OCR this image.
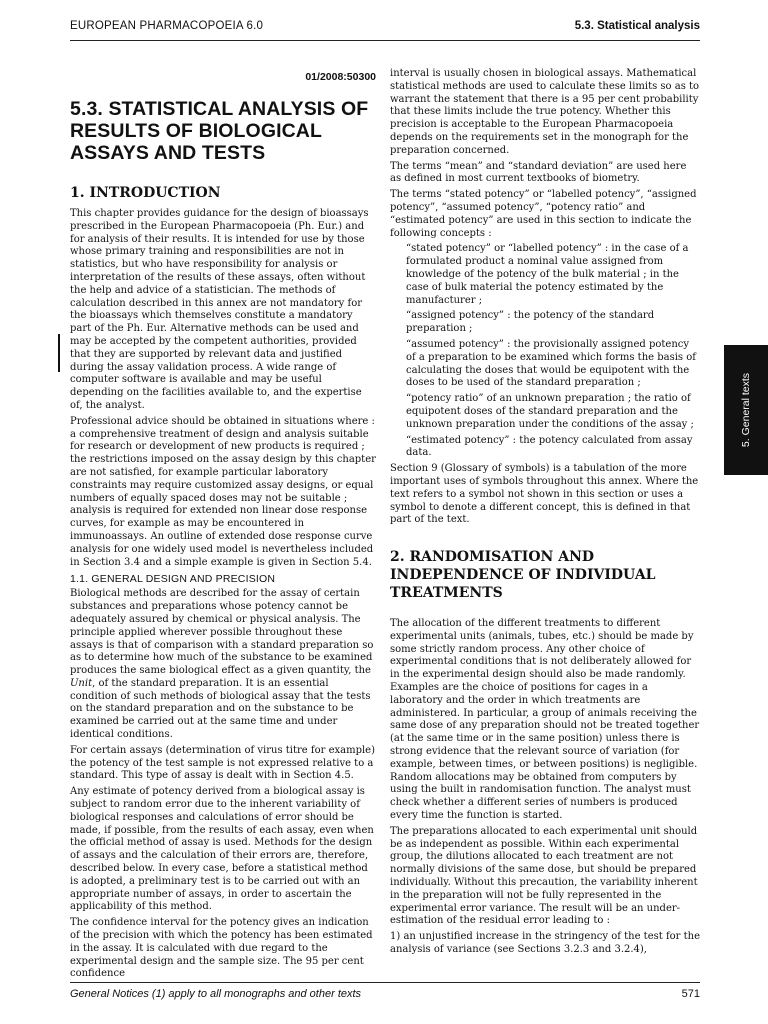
EUROPEAN PHARMACOPOEIA 6.0	5.3. Statistical analysis
01/2008:50300
5.3. STATISTICAL ANALYSIS OF RESULTS OF BIOLOGICAL ASSAYS AND TESTS
1. INTRODUCTION

This chapter provides guidance for the design of bioassays prescribed in the European Pharmacopoeia (Ph. Eur.) and for analysis of their results. It is intended for use by those whose primary training and responsibilities are not in statistics, but who have responsibility for analysis or interpretation of the results of these assays, often without the help and advice of a statistician. The methods of calculation described in this annex are not mandatory for the bioassays which themselves constitute a mandatory part of the Ph. Eur. Alternative methods can be used and may be accepted by the competent authorities, provided that they are supported by relevant data and justified during the assay validation process. A wide range of computer software is available and may be useful depending on the facilities available to, and the expertise of, the analyst.

Professional advice should be obtained in situations where : a comprehensive treatment of design and analysis suitable for research or development of new products is required ; the restrictions imposed on the assay design by this chapter are not satisfied, for example particular laboratory constraints may require customized assay designs, or equal numbers of equally spaced doses may not be suitable ; analysis is required for extended non linear dose response curves, for example as may be encountered in immunoassays. An outline of extended dose response curve analysis for one widely used model is nevertheless included in Section 3.4 and a simple example is given in Section 5.4.

1.1. GENERAL DESIGN AND PRECISION

Biological methods are described for the assay of certain substances and preparations whose potency cannot be adequately assured by chemical or physical analysis. The principle applied wherever possible throughout these assays is that of comparison with a standard preparation so as to determine how much of the substance to be examined produces the same biological effect as a given quantity, the Unit, of the standard preparation. It is an essential condition of such methods of biological assay that the tests on the standard preparation and on the substance to be examined be carried out at the same time and under identical conditions.

For certain assays (determination of virus titre for example) the potency of the test sample is not expressed relative to a standard. This type of assay is dealt with in Section 4.5.

Any estimate of potency derived from a biological assay is subject to random error due to the inherent variability of biological responses and calculations of error should be made, if possible, from the results of each assay, even when the official method of assay is used. Methods for the design of assays and the calculation of their errors are, therefore, described below. In every case, before a statistical method is adopted, a preliminary test is to be carried out with an appropriate number of assays, in order to ascertain the applicability of this method.

The confidence interval for the potency gives an indication of the precision with which the potency has been estimated in the assay. It is calculated with due regard to the experimental design and the sample size. The 95 per cent confidence

interval is usually chosen in biological assays. Mathematical statistical methods are used to calculate these limits so as to warrant the statement that there is a 95 per cent probability that these limits include the true potency. Whether this precision is acceptable to the European Pharmacopoeia depends on the requirements set in the monograph for the preparation concerned.

The terms “mean” and “standard deviation” are used here as defined in most current textbooks of biometry.

The terms “stated potency” or “labelled potency”, “assigned potency”, “assumed potency”, “potency ratio” and “estimated potency” are used in this section to indicate the following concepts :

“stated potency” or “labelled potency” : in the case of a formulated product a nominal value assigned from knowledge of the potency of the bulk material ; in the case of bulk material the potency estimated by the manufacturer ;

“assigned potency” : the potency of the standard preparation ;

“assumed potency” : the provisionally assigned potency of a preparation to be examined which forms the basis of calculating the doses that would be equipotent with the doses to be used of the standard preparation ;

“potency ratio” of an unknown preparation ; the ratio of equipotent doses of the standard preparation and the unknown preparation under the conditions of the assay ;

“estimated potency” : the potency calculated from assay data.

Section 9 (Glossary of symbols) is a tabulation of the more important uses of symbols throughout this annex. Where the text refers to a symbol not shown in this section or uses a symbol to denote a different concept, this is defined in that part of the text.

2. RANDOMISATION AND INDEPENDENCE OF INDIVIDUAL TREATMENTS

The allocation of the different treatments to different experimental units (animals, tubes, etc.) should be made by some strictly random process. Any other choice of experimental conditions that is not deliberately allowed for in the experimental design should also be made randomly. Examples are the choice of positions for cages in a laboratory and the order in which treatments are administered. In particular, a group of animals receiving the same dose of any preparation should not be treated together (at the same time or in the same position) unless there is strong evidence that the relevant source of variation (for example, between times, or between positions) is negligible. Random allocations may be obtained from computers by using the built in randomisation function. The analyst must check whether a different series of numbers is produced every time the function is started.

The preparations allocated to each experimental unit should be as independent as possible. Within each experimental group, the dilutions allocated to each treatment are not normally divisions of the same dose, but should be prepared individually. Without this precaution, the variability inherent in the preparation will not be fully represented in the experimental error variance. The result will be an under-estimation of the residual error leading to :

1) an unjustified increase in the stringency of the test for the analysis of variance (see Sections 3.2.3 and 3.2.4),

5. General texts
General Notices (1) apply to all monographs and other texts	571
